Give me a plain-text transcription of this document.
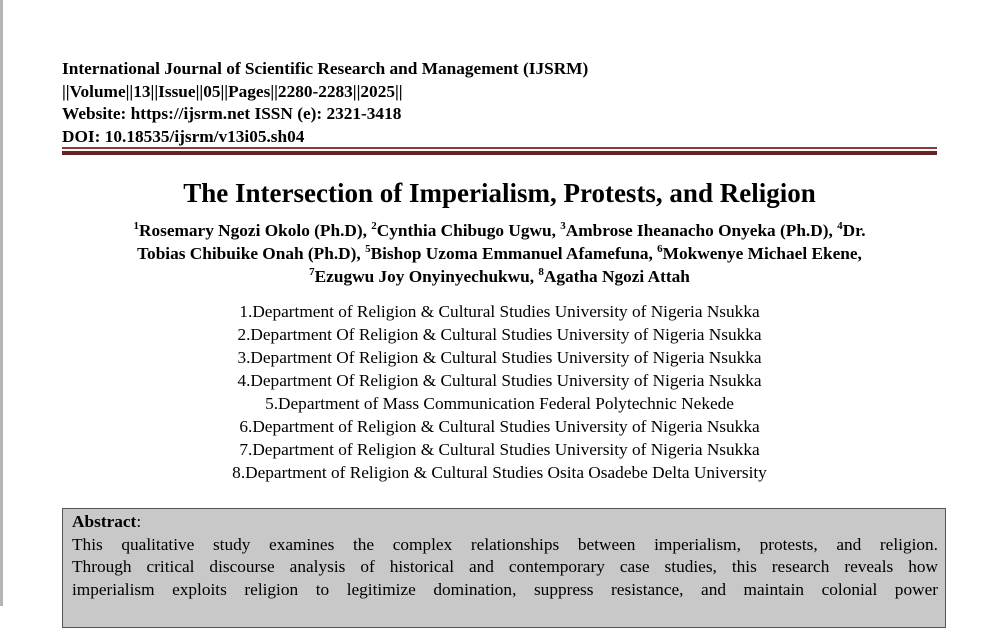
International Journal of Scientific Research and Management (IJSRM)
||Volume||13||Issue||05||Pages||2280-2283||2025||
Website: https://ijsrm.net ISSN (e): 2321-3418
DOI: 10.18535/ijsrm/v13i05.sh04
The Intersection of Imperialism, Protests, and Religion
$^1$Rosemary Ngozi Okolo (Ph.D), $^2$Cynthia Chibugo Ugwu, $^3$Ambrose Iheanacho Onyeka (Ph.D), $^4$Dr.
Tobias Chibuike Onah (Ph.D), $^5$Bishop Uzoma Emmanuel Afamefuna, $^6$Mokwenye Michael Ekene,
$^7$Ezugwu Joy Onyinyechukwu, $^8$Agatha Ngozi Attah
1.Department of Religion & Cultural Studies University of Nigeria Nsukka
2.Department Of Religion & Cultural Studies University of Nigeria Nsukka
3.Department Of Religion & Cultural Studies University of Nigeria Nsukka
4.Department Of Religion & Cultural Studies University of Nigeria Nsukka
5.Department of Mass Communication Federal Polytechnic Nekede
6.Department of Religion & Cultural Studies University of Nigeria Nsukka
7.Department of Religion & Cultural Studies University of Nigeria Nsukka
8.Department of Religion & Cultural Studies Osita Osadebe Delta University
Abstract:
This qualitative study examines the complex relationships between imperialism, protests, and religion.
Through critical discourse analysis of historical and contemporary case studies, this research reveals how
imperialism exploits religion to legitimize domination, suppress resistance, and maintain colonial power
